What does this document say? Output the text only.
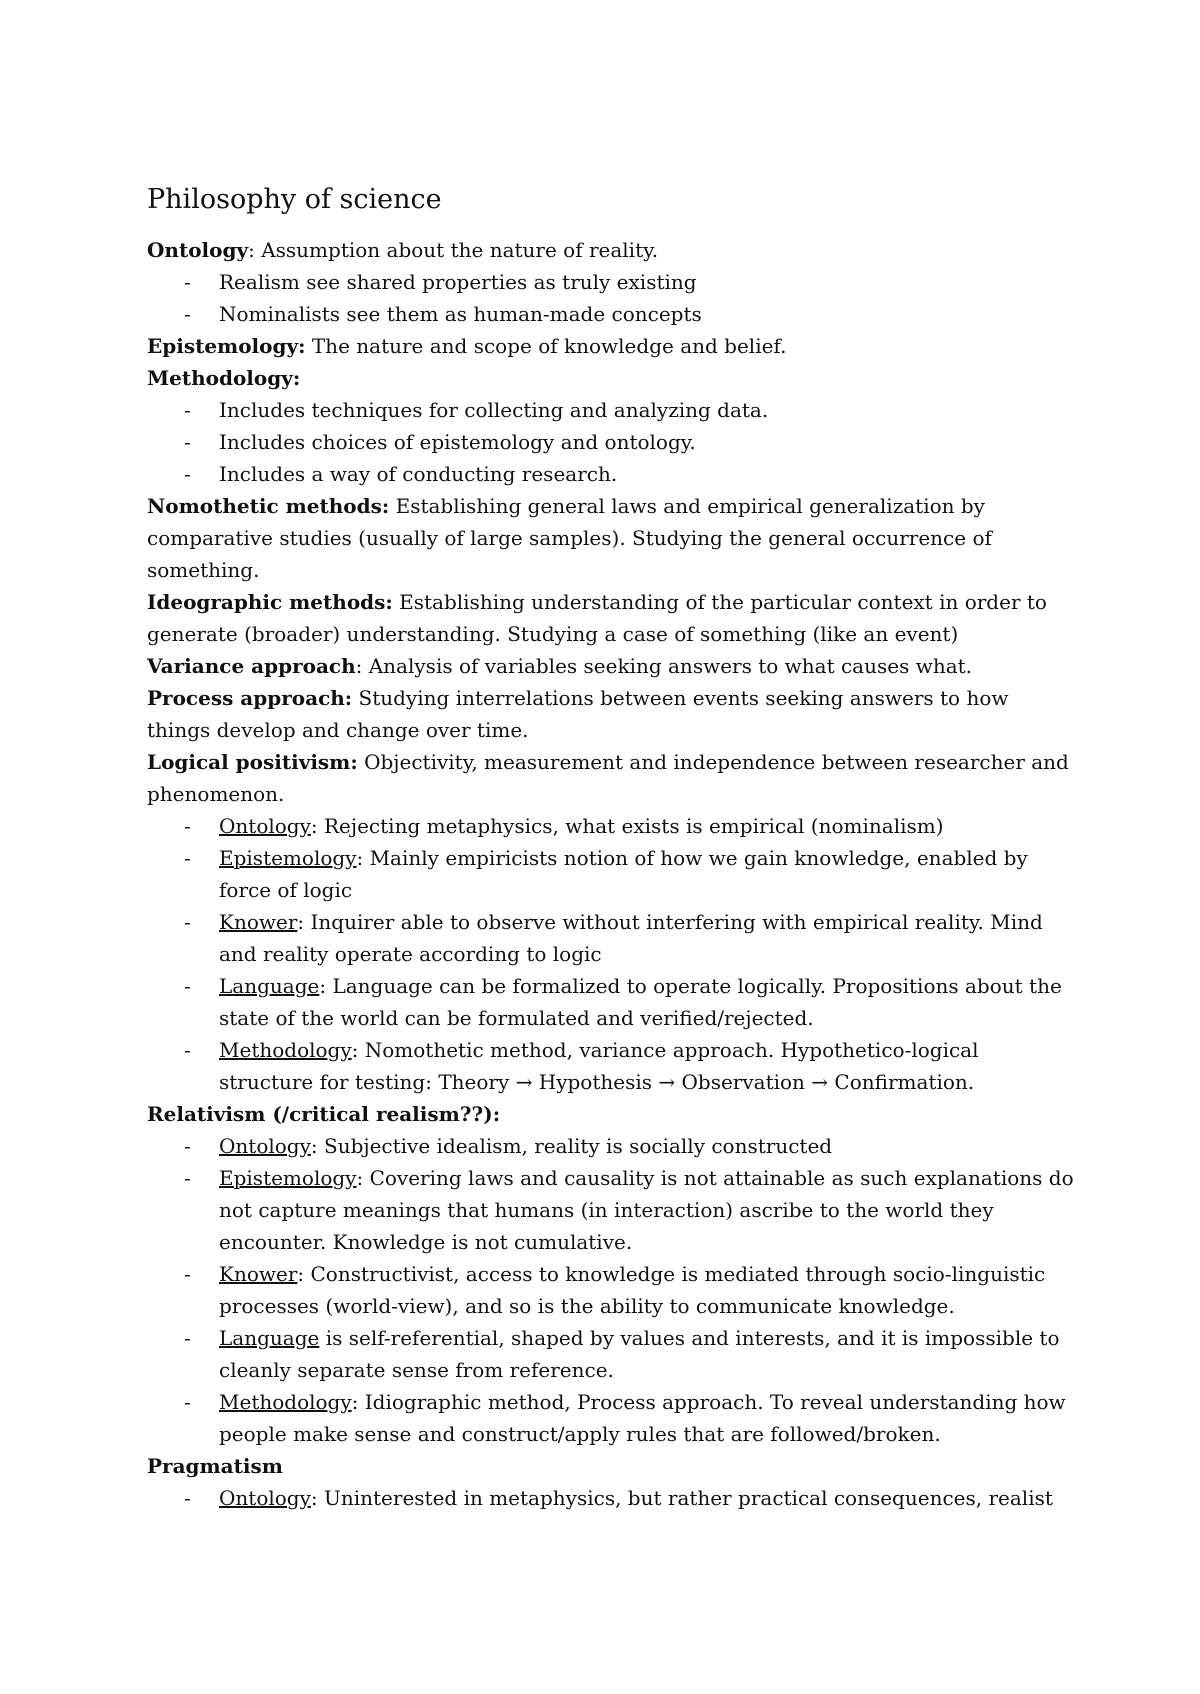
Philosophy of science

Ontology: Assumption about the nature of reality.

- Realism see shared properties as truly existing
- Nominalists see them as human-made concepts

Epistemology: The nature and scope of knowledge and belief.

Methodology:

- Includes techniques for collecting and analyzing data.
- Includes choices of epistemology and ontology.
- Includes a way of conducting research.

Nomothetic methods: Establishing general laws and empirical generalization by comparative studies (usually of large samples). Studying the general occurrence of something.

Ideographic methods: Establishing understanding of the particular context in order to generate (broader) understanding. Studying a case of something (like an event)

Variance approach: Analysis of variables seeking answers to what causes what.

Process approach: Studying interrelations between events seeking answers to how things develop and change over time.

Logical positivism: Objectivity, measurement and independence between researcher and phenomenon.

- Ontology: Rejecting metaphysics, what exists is empirical (nominalism)
- Epistemology: Mainly empiricists notion of how we gain knowledge, enabled by force of logic
- Knower: Inquirer able to observe without interfering with empirical reality. Mind and reality operate according to logic
- Language: Language can be formalized to operate logically. Propositions about the state of the world can be formulated and verified/rejected.
- Methodology: Nomothetic method, variance approach. Hypothetico-logical structure for testing: Theory → Hypothesis → Observation → Confirmation.

Relativism (/critical realism??):

- Ontology: Subjective idealism, reality is socially constructed
- Epistemology: Covering laws and causality is not attainable as such explanations do not capture meanings that humans (in interaction) ascribe to the world they encounter. Knowledge is not cumulative.
- Knower: Constructivist, access to knowledge is mediated through socio-linguistic processes (world-view), and so is the ability to communicate knowledge.
- Language is self-referential, shaped by values and interests, and it is impossible to cleanly separate sense from reference.
- Methodology: Idiographic method, Process approach. To reveal understanding how people make sense and construct/apply rules that are followed/broken.

Pragmatism

- Ontology: Uninterested in metaphysics, but rather practical consequences, realist
